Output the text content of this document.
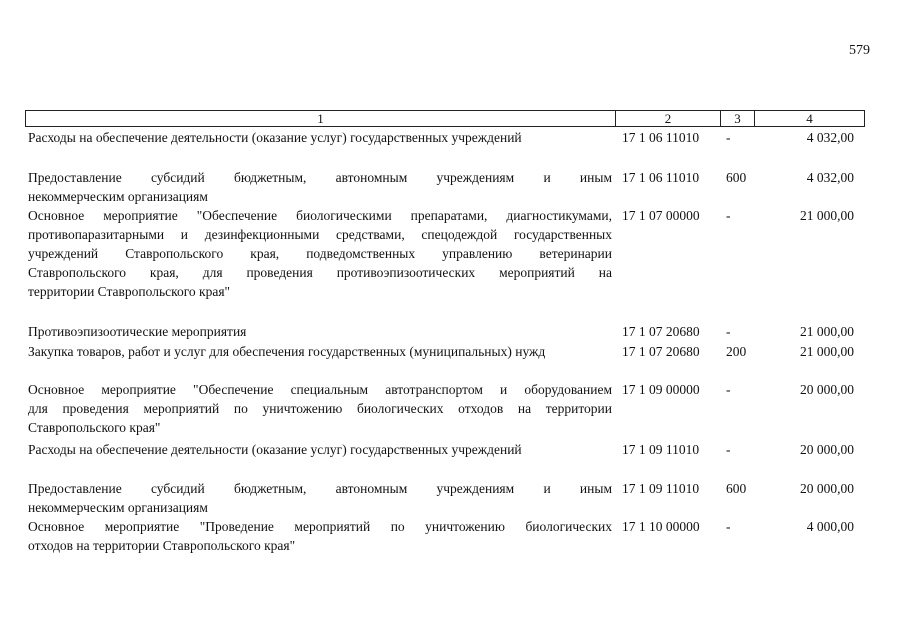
579
1	2	3	4
Расходы на обеспечение деятельности (оказание услуг) государственных учреждений	17 1 06 11010	-	4 032,00
Предоставление субсидий бюджетным, автономным учреждениям и иным
некоммерческим организациям
17 1 06 11010	600	4 032,00
Основное мероприятие "Обеспечение биологическими препаратами, диагностикумами,
противопаразитарными и дезинфекционными средствами, спецодеждой государственных
учреждений Ставропольского края, подведомственных управлению ветеринарии
Ставропольского края, для проведения противоэпизоотических мероприятий на
территории Ставропольского края"
17 1 07 00000	-	21 000,00
Противоэпизоотические мероприятия	17 1 07 20680	-	21 000,00
Закупка товаров, работ и услуг для обеспечения государственных (муниципальных) нужд	17 1 07 20680	200	21 000,00
Основное мероприятие "Обеспечение специальным автотранспортом и оборудованием
для проведения мероприятий по уничтожению биологических отходов на территории
Ставропольского края"
17 1 09 00000	-	20 000,00
Расходы на обеспечение деятельности (оказание услуг) государственных учреждений	17 1 09 11010	-	20 000,00
Предоставление субсидий бюджетным, автономным учреждениям и иным
некоммерческим организациям
17 1 09 11010	600	20 000,00
Основное мероприятие "Проведение мероприятий по уничтожению биологических
отходов на территории Ставропольского края"
17 1 10 00000	-	4 000,00
